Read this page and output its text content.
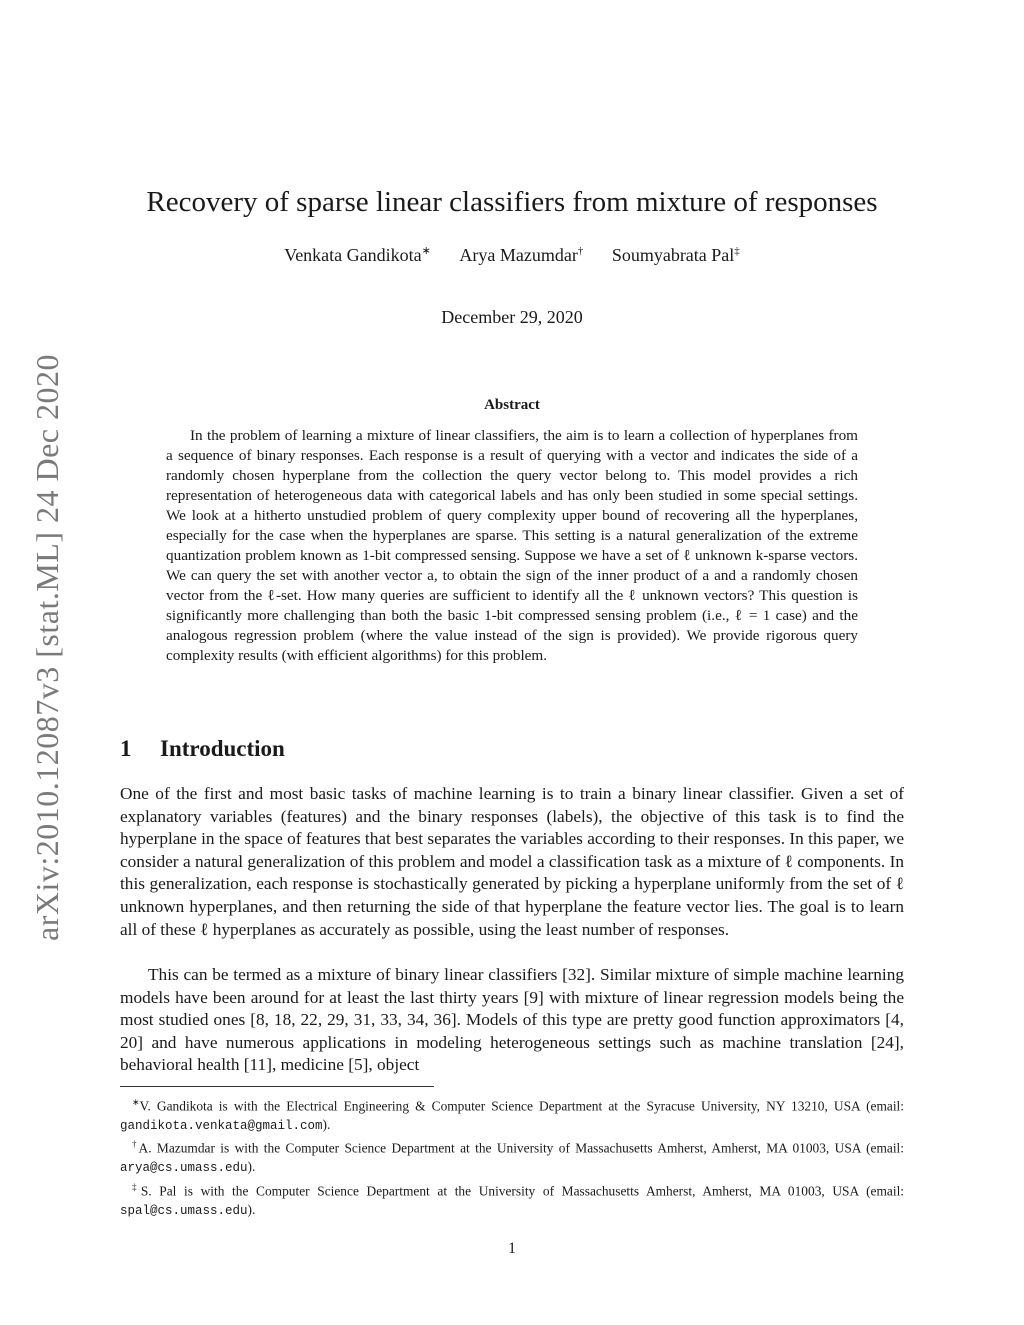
arXiv:2010.12087v3 [stat.ML] 24 Dec 2020
Recovery of sparse linear classifiers from mixture of responses
Venkata Gandikota∗ Arya Mazumdar† Soumyabrata Pal‡
December 29, 2020
Abstract

In the problem of learning a mixture of linear classifiers, the aim is to learn a collection of hyperplanes from a sequence of binary responses. Each response is a result of querying with a vector and indicates the side of a randomly chosen hyperplane from the collection the query vector belong to. This model provides a rich representation of heterogeneous data with categorical labels and has only been studied in some special settings. We look at a hitherto unstudied problem of query complexity upper bound of recovering all the hyperplanes, especially for the case when the hyperplanes are sparse. This setting is a natural generalization of the extreme quantization problem known as 1-bit compressed sensing. Suppose we have a set of ℓ unknown k-sparse vectors. We can query the set with another vector a, to obtain the sign of the inner product of a and a randomly chosen vector from the ℓ-set. How many queries are sufficient to identify all the ℓ unknown vectors? This question is significantly more challenging than both the basic 1-bit compressed sensing problem (i.e., ℓ = 1 case) and the analogous regression problem (where the value instead of the sign is provided). We provide rigorous query complexity results (with efficient algorithms) for this problem.

1 Introduction

One of the first and most basic tasks of machine learning is to train a binary linear classifier. Given a set of explanatory variables (features) and the binary responses (labels), the objective of this task is to find the hyperplane in the space of features that best separates the variables according to their responses. In this paper, we consider a natural generalization of this problem and model a classification task as a mixture of ℓ components. In this generalization, each response is stochastically generated by picking a hyperplane uniformly from the set of ℓ unknown hyperplanes, and then returning the side of that hyperplane the feature vector lies. The goal is to learn all of these ℓ hyperplanes as accurately as possible, using the least number of responses.

This can be termed as a mixture of binary linear classifiers [32]. Similar mixture of simple machine learning models have been around for at least the last thirty years [9] with mixture of linear regression models being the most studied ones [8, 18, 22, 29, 31, 33, 34, 36]. Models of this type are pretty good function approximators [4, 20] and have numerous applications in modeling heterogeneous settings such as machine translation [24], behavioral health [11], medicine [5], object

∗V. Gandikota is with the Electrical Engineering & Computer Science Department at the Syracuse University, NY 13210, USA (email: gandikota.venkata@gmail.com).

†A. Mazumdar is with the Computer Science Department at the University of Massachusetts Amherst, Amherst, MA 01003, USA (email: arya@cs.umass.edu).

‡S. Pal is with the Computer Science Department at the University of Massachusetts Amherst, Amherst, MA 01003, USA (email: spal@cs.umass.edu).

1
